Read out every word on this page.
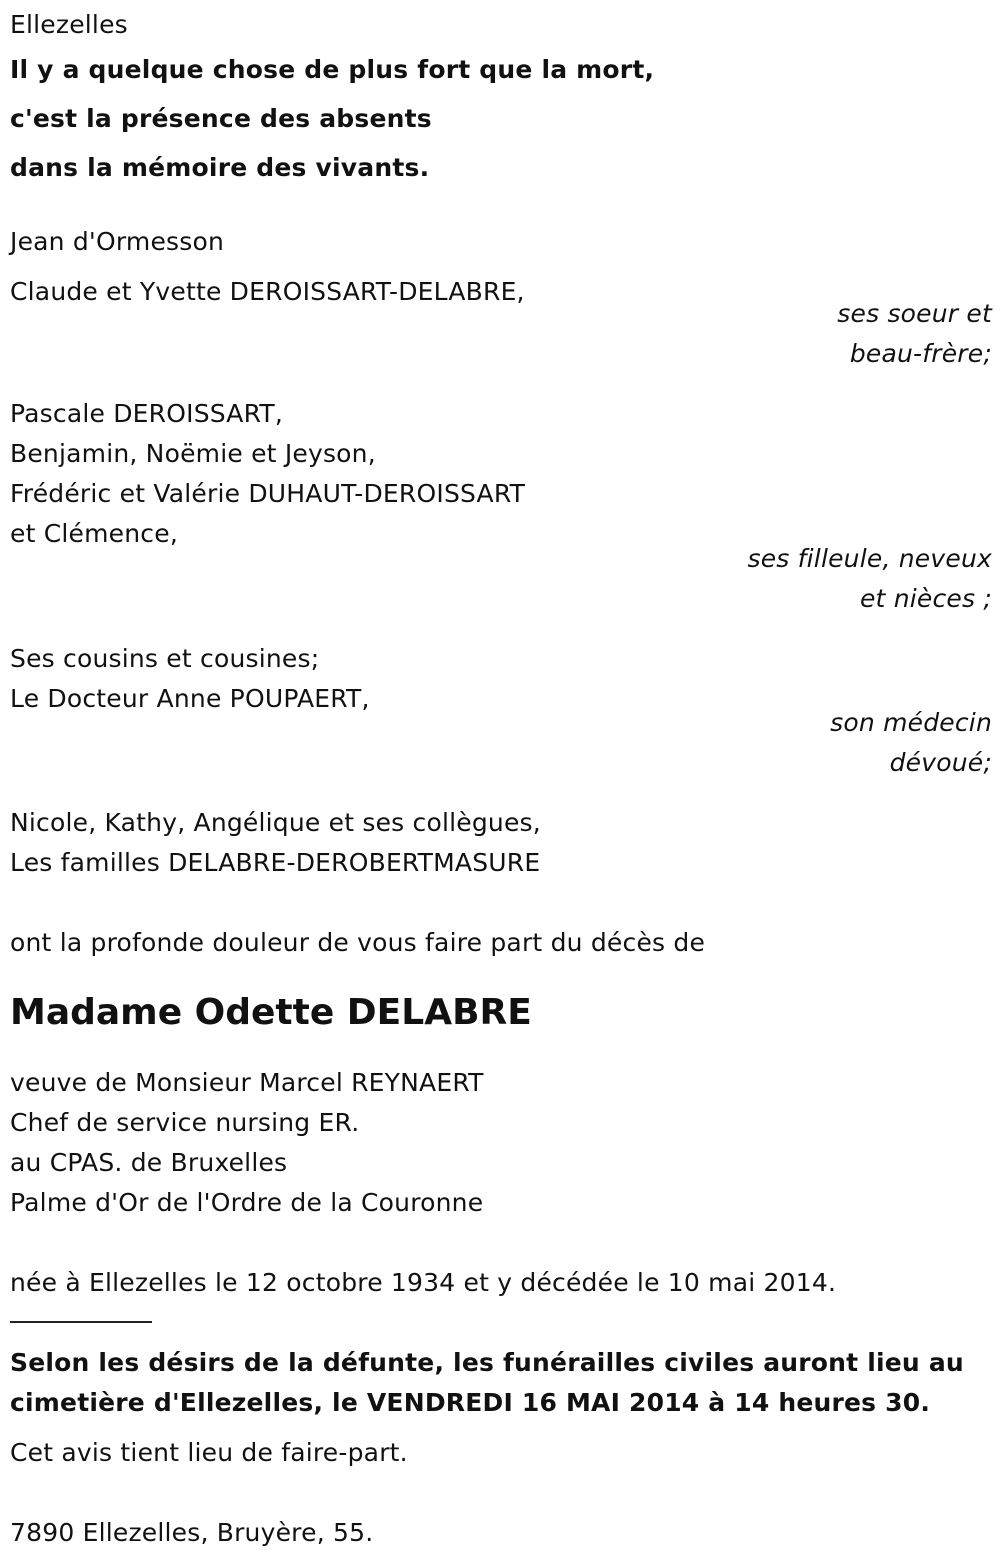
Ellezelles
Il y a quelque chose de plus fort que la mort,
c'est la présence des absents
dans la mémoire des vivants.
Jean d'Ormesson
Claude et Yvette DEROISSART-DELABRE,
ses soeur et
beau-frère;
Pascale DEROISSART,
Benjamin, Noëmie et Jeyson,
Frédéric et Valérie DUHAUT-DEROISSART
et Clémence,
ses filleule, neveux
et nièces ;
Ses cousins et cousines;
Le Docteur Anne POUPAERT,
son médecin
dévoué;
Nicole, Kathy, Angélique et ses collègues,
Les familles DELABRE-DEROBERTMASURE
ont la profonde douleur de vous faire part du décès de
Madame Odette DELABRE
veuve de Monsieur Marcel REYNAERT
Chef de service nursing ER.
au CPAS. de Bruxelles
Palme d'Or de l'Ordre de la Couronne
née à Ellezelles le 12 octobre 1934 et y décédée le 10 mai 2014.
Selon les désirs de la défunte, les funérailles civiles auront lieu au
cimetière d'Ellezelles, le VENDREDI 16 MAI 2014 à 14 heures 30.
Cet avis tient lieu de faire-part.
7890 Ellezelles, Bruyère, 55.
